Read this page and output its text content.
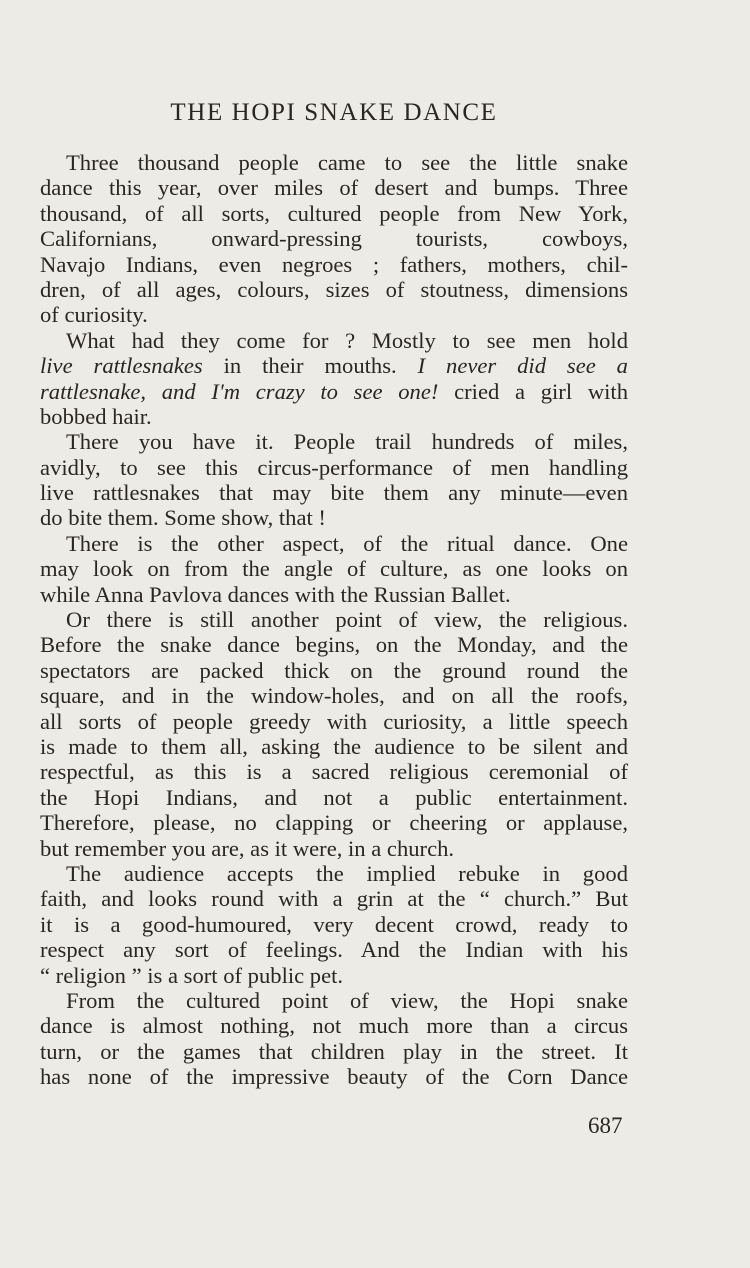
THE HOPI SNAKE DANCE
Three thousand people came to see the little snake
dance this year, over miles of desert and bumps. Three
thousand, of all sorts, cultured people from New York,
Californians, onward-pressing tourists, cowboys,
Navajo Indians, even negroes ; fathers, mothers, chil-
dren, of all ages, colours, sizes of stoutness, dimensions
of curiosity.
What had they come for ? Mostly to see men hold
live rattlesnakes in their mouths. I never did see a
rattlesnake, and I'm crazy to see one! cried a girl with
bobbed hair.
There you have it. People trail hundreds of miles,
avidly, to see this circus-performance of men handling
live rattlesnakes that may bite them any minute—even
do bite them. Some show, that !
There is the other aspect, of the ritual dance. One
may look on from the angle of culture, as one looks on
while Anna Pavlova dances with the Russian Ballet.
Or there is still another point of view, the religious.
Before the snake dance begins, on the Monday, and the
spectators are packed thick on the ground round the
square, and in the window-holes, and on all the roofs,
all sorts of people greedy with curiosity, a little speech
is made to them all, asking the audience to be silent and
respectful, as this is a sacred religious ceremonial of
the Hopi Indians, and not a public entertainment.
Therefore, please, no clapping or cheering or applause,
but remember you are, as it were, in a church.
The audience accepts the implied rebuke in good
faith, and looks round with a grin at the “ church.” But
it is a good-humoured, very decent crowd, ready to
respect any sort of feelings. And the Indian with his
“ religion ” is a sort of public pet.
From the cultured point of view, the Hopi snake
dance is almost nothing, not much more than a circus
turn, or the games that children play in the street. It
has none of the impressive beauty of the Corn Dance
687
